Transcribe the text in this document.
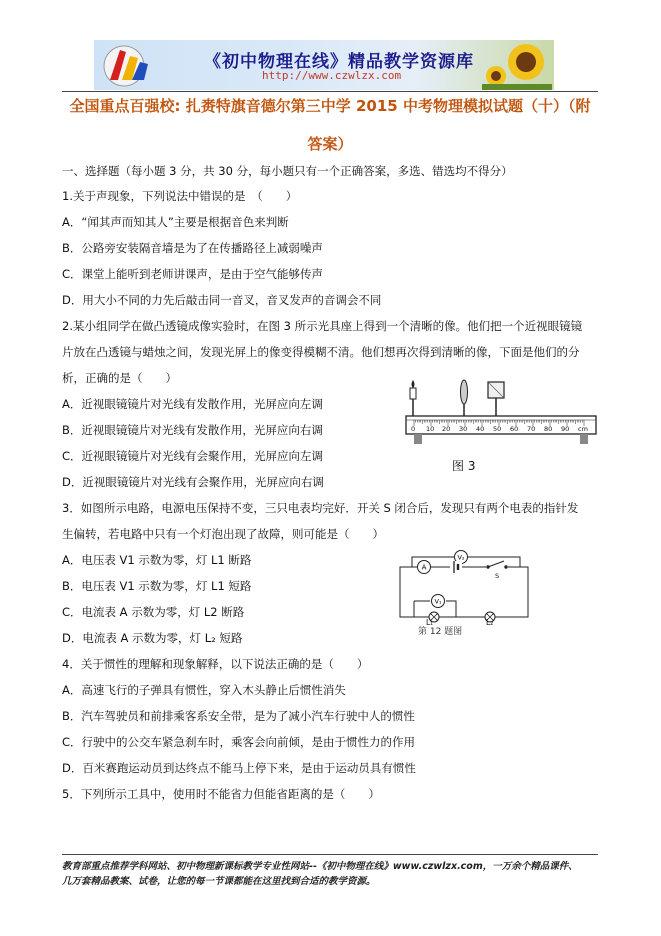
《初中物理在线》精品教学资源库
http://www.czwlzx.com
全国重点百强校: 扎赉特旗音德尔第三中学 2015 中考物理模拟试题（十）（附
答案）
一、选择题（每小题 3 分，共 30 分，每小题只有一个正确答案，多选、错选均不得分）
1.关于声现象，下列说法中错误的是　（　　）
A．“闻其声而知其人”主要是根据音色来判断
B．公路旁安装隔音墙是为了在传播路径上减弱噪声
C．课堂上能听到老师讲课声，是由于空气能够传声
D．用大小不同的力先后敲击同一音叉，音叉发声的音调会不同
2.某小组同学在做凸透镜成像实验时，在图 3 所示光具座上得到一个清晰的像。他们把一个近视眼镜镜
片放在凸透镜与蜡烛之间，发现光屏上的像变得模糊不清。他们想再次得到清晰的像，下面是他们的分
析，正确的是（　　）
A．近视眼镜镜片对光线有发散作用，光屏应向左调
B．近视眼镜镜片对光线有发散作用，光屏应向右调
C．近视眼镜镜片对光线有会聚作用，光屏应向左调
D．近视眼镜镜片对光线有会聚作用，光屏应向右调
0 10 20 30 40 50 60 70 80 90 cm
图 3
3．如图所示电路，电源电压保持不变，三只电表均完好．开关 S 闭合后，发现只有两个电表的指针发
生偏转，若电路中只有一个灯泡出现了故障，则可能是（　　）
A．电压表 V1 示数为零，灯 L1 断路
B．电压表 V1 示数为零，灯 L1 短路
C．电流表 A 示数为零，灯 L2 断路
D．电流表 A 示数为零，灯 L₂ 短路
V₂
A
S
V₁
L₁	L₂
第 12 题图
4．关于惯性的理解和现象解释，以下说法正确的是（　　）
A．高速飞行的子弹具有惯性，穿入木头静止后惯性消失
B．汽车驾驶员和前排乘客系安全带，是为了减小汽车行驶中人的惯性
C．行驶中的公交车紧急刹车时，乘客会向前倾，是由于惯性力的作用
D．百米赛跑运动员到达终点不能马上停下来，是由于运动员具有惯性
5．下列所示工具中，使用时不能省力但能省距离的是（　　）
教育部重点推荐学科网站、初中物理新课标教学专业性网站--《初中物理在线》www.czwlzx.com，一万余个精品课件、
几万套精品教案、试卷，让您的每一节课都能在这里找到合适的教学资源。
